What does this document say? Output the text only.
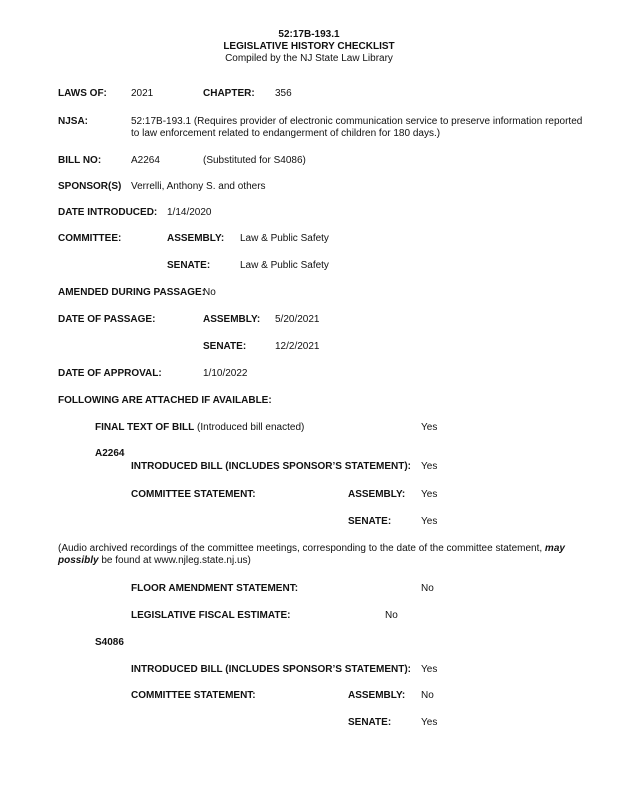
52:17B-193.1
LEGISLATIVE HISTORY CHECKLIST
Compiled by the NJ State Law Library
LAWS OF: 2021	CHAPTER: 356
NJSA:	52:17B-193.1 (Requires provider of electronic communication service to preserve information reported
to law enforcement related to endangerment of children for 180 days.)
BILL NO:	A2264	(Substituted for S4086)
SPONSOR(S) Verrelli, Anthony S. and others
DATE INTRODUCED: 1/14/2020
COMMITTEE:	ASSEMBLY: Law & Public Safety
SENATE:	Law & Public Safety
AMENDED DURING PASSAGE:
No
DATE OF PASSAGE:	ASSEMBLY: 5/20/2021
SENATE:	12/2/2021
DATE OF APPROVAL:	1/10/2022
FOLLOWING ARE ATTACHED IF AVAILABLE:
FINAL TEXT OF BILL (Introduced bill enacted)	Yes
A2264
INTRODUCED BILL (INCLUDES SPONSOR’S STATEMENT): Yes
COMMITTEE STATEMENT:	ASSEMBLY: Yes
SENATE:	Yes
(Audio archived recordings of the committee meetings, corresponding to the date of the committee statement, may possibly be found at www.njleg.state.nj.us)
FLOOR AMENDMENT STATEMENT:	No
LEGISLATIVE FISCAL ESTIMATE:	No
S4086
INTRODUCED BILL (INCLUDES SPONSOR’S STATEMENT): Yes
COMMITTEE STATEMENT:	ASSEMBLY: No
SENATE:	Yes
